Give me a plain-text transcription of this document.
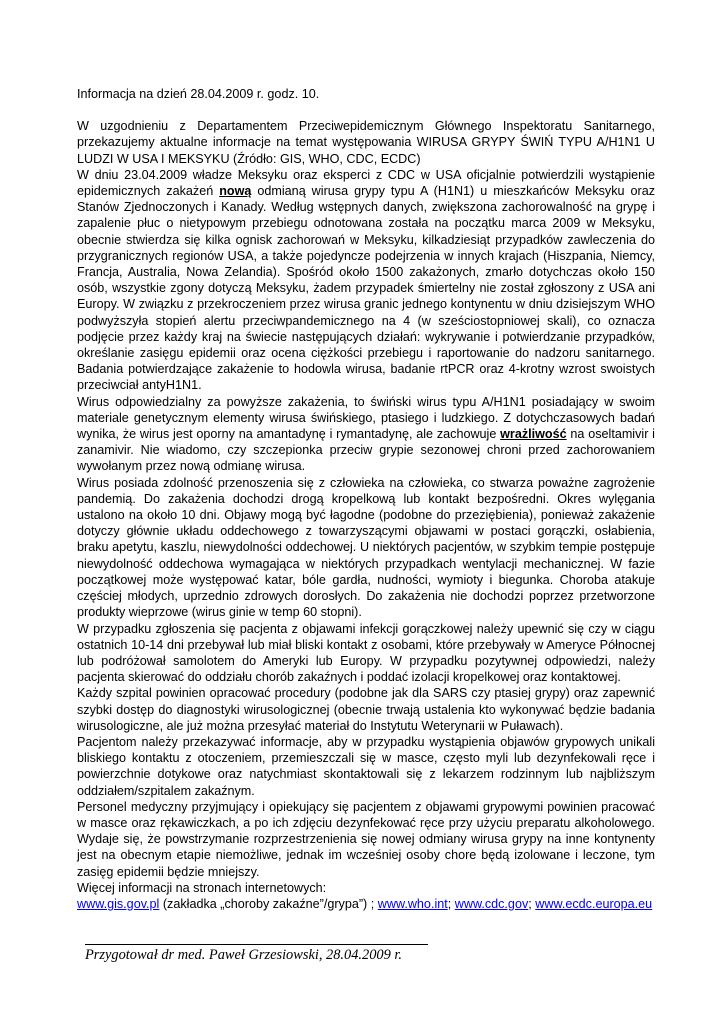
Informacja na dzień 28.04.2009 r. godz. 10.

W uzgodnieniu z Departamentem Przeciwepidemicznym Głównego Inspektoratu Sanitarnego, przekazujemy aktualne informacje na temat występowania WIRUSA GRYPY ŚWIŃ TYPU A/H1N1 U LUDZI W USA I MEKSYKU (Źródło: GIS, WHO, CDC, ECDC)

W dniu 23.04.2009 władze Meksyku oraz eksperci z CDC w USA oficjalnie potwierdzili wystąpienie epidemicznych zakażeń nową odmianą wirusa grypy typu A (H1N1) u mieszkańców Meksyku oraz Stanów Zjednoczonych i Kanady. Według wstępnych danych, zwiększona zachorowalność na grypę i zapalenie płuc o nietypowym przebiegu odnotowana została na początku marca 2009 w Meksyku, obecnie stwierdza się kilka ognisk zachorowań w Meksyku, kilkadziesiąt przypadków zawleczenia do przygranicznych regionów USA, a także pojedyncze podejrzenia w innych krajach (Hiszpania, Niemcy, Francja, Australia, Nowa Zelandia). Spośród około 1500 zakażonych, zmarło dotychczas około 150 osób, wszystkie zgony dotyczą Meksyku, żadem przypadek śmiertelny nie został zgłoszony z USA ani Europy. W związku z przekroczeniem przez wirusa granic jednego kontynentu w dniu dzisiejszym WHO podwyższyła stopień alertu przeciwpandemicznego na 4 (w sześciostopniowej skali), co oznacza podjęcie przez każdy kraj na świecie następujących działań: wykrywanie i potwierdzanie przypadków, określanie zasięgu epidemii oraz ocena ciężkości przebiegu i raportowanie do nadzoru sanitarnego. Badania potwierdzające zakażenie to hodowla wirusa, badanie rtPCR oraz 4-krotny wzrost swoistych przeciwciał antyH1N1.

Wirus odpowiedzialny za powyższe zakażenia, to świński wirus typu A/H1N1 posiadający w swoim materiale genetycznym elementy wirusa świńskiego, ptasiego i ludzkiego. Z dotychczasowych badań wynika, że wirus jest oporny na amantadynę i rymantadynę, ale zachowuje wrażliwość na oseltamivir i zanamivir. Nie wiadomo, czy szczepionka przeciw grypie sezonowej chroni przed zachorowaniem wywołanym przez nową odmianę wirusa.

Wirus posiada zdolność przenoszenia się z człowieka na człowieka, co stwarza poważne zagrożenie pandemią. Do zakażenia dochodzi drogą kropelkową lub kontakt bezpośredni. Okres wylęgania ustalono na około 10 dni. Objawy mogą być łagodne (podobne do przeziębienia), ponieważ zakażenie dotyczy głównie układu oddechowego z towarzyszącymi objawami w postaci gorączki, osłabienia, braku apetytu, kaszlu, niewydolności oddechowej. U niektórych pacjentów, w szybkim tempie postępuje niewydolność oddechowa wymagająca w niektórych przypadkach wentylacji mechanicznej. W fazie początkowej może występować katar, bóle gardła, nudności, wymioty i biegunka. Choroba atakuje częściej młodych, uprzednio zdrowych dorosłych. Do zakażenia nie dochodzi poprzez przetworzone produkty wieprzowe (wirus ginie w temp 60 stopni).

W przypadku zgłoszenia się pacjenta z objawami infekcji gorączkowej należy upewnić się czy w ciągu ostatnich 10-14 dni przebywał lub miał bliski kontakt z osobami, które przebywały w Ameryce Północnej lub podróżował samolotem do Ameryki lub Europy. W przypadku pozytywnej odpowiedzi, należy pacjenta skierować do oddziału chorób zakaźnych i poddać izolacji kropelkowej oraz kontaktowej.

Każdy szpital powinien opracować procedury (podobne jak dla SARS czy ptasiej grypy) oraz zapewnić szybki dostęp do diagnostyki wirusologicznej (obecnie trwają ustalenia kto wykonywać będzie badania wirusologiczne, ale już można przesyłać materiał do Instytutu Weterynarii w Puławach).

Pacjentom należy przekazywać informacje, aby w przypadku wystąpienia objawów grypowych unikali bliskiego kontaktu z otoczeniem, przemieszczali się w masce, często myli lub dezynfekowali ręce i powierzchnie dotykowe oraz natychmiast skontaktowali się z lekarzem rodzinnym lub najbliższym oddziałem/szpitalem zakaźnym.

Personel medyczny przyjmujący i opiekujący się pacjentem z objawami grypowymi powinien pracować w masce oraz rękawiczkach, a po ich zdjęciu dezynfekować ręce przy użyciu preparatu alkoholowego. Wydaje się, że powstrzymanie rozprzestrzenienia się nowej odmiany wirusa grypy na inne kontynenty jest na obecnym etapie niemożliwe, jednak im wcześniej osoby chore będą izolowane i leczone, tym zasięg epidemii będzie mniejszy.

Więcej informacji na stronach internetowych:

www.gis.gov.pl (zakładka „choroby zakaźne”/grypa”) ; www.who.int; www.cdc.gov; www.ecdc.europa.eu

Przygotował dr med. Paweł Grzesiowski, 28.04.2009 r.
